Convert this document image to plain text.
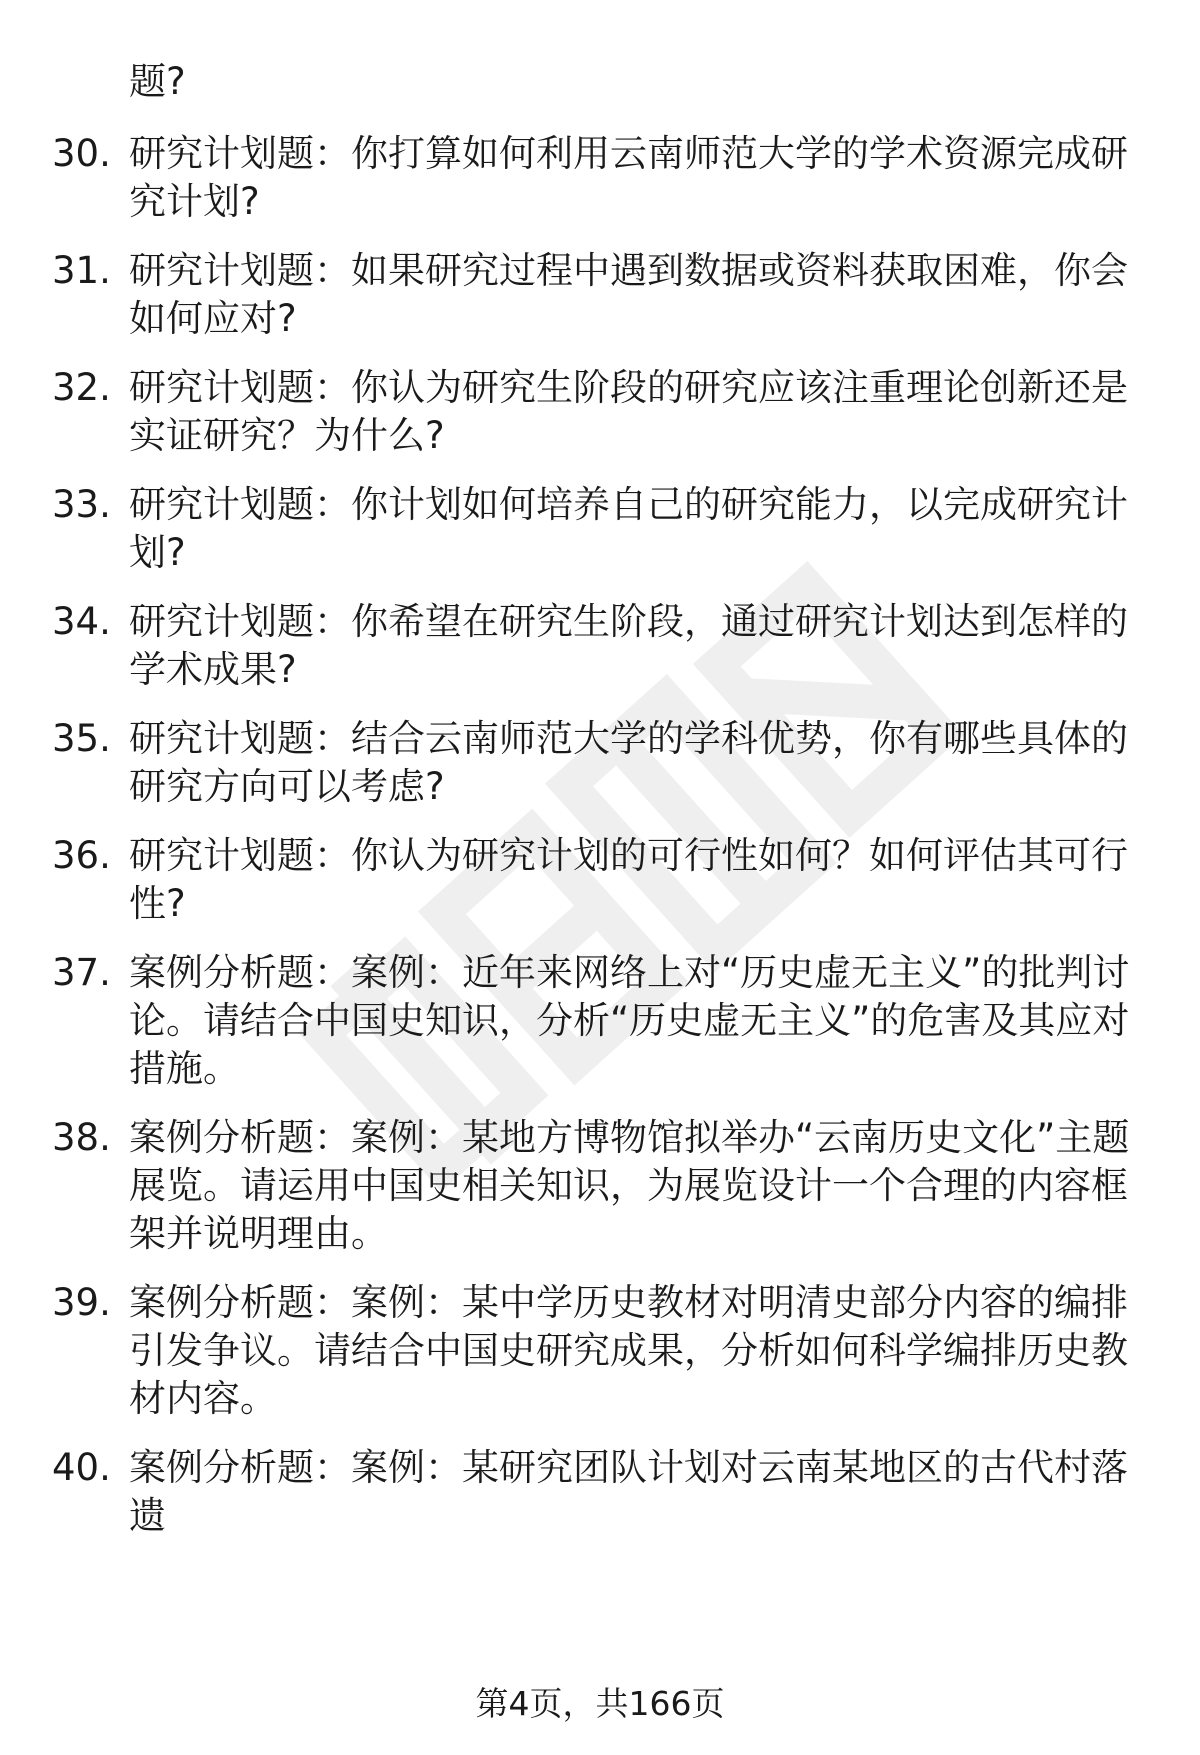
题?
30. 研究计划题：你打算如何利用云南师范大学的学术资源完成研究计划?
31. 研究计划题：如果研究过程中遇到数据或资料获取困难，你会如何应对?
32. 研究计划题：你认为研究生阶段的研究应该注重理论创新还是实证研究？为什么?
33. 研究计划题：你计划如何培养自己的研究能力，以完成研究计划?
34. 研究计划题：你希望在研究生阶段，通过研究计划达到怎样的学术成果?
35. 研究计划题：结合云南师范大学的学科优势，你有哪些具体的研究方向可以考虑?
36. 研究计划题：你认为研究计划的可行性如何？如何评估其可行性?
37. 案例分析题：案例：近年来网络上对“历史虚无主义”的批判讨论。请结合中国史知识，分析“历史虚无主义”的危害及其应对措施。
38. 案例分析题：案例：某地方博物馆拟举办“云南历史文化”主题展览。请运用中国史相关知识，为展览设计一个合理的内容框架并说明理由。
39. 案例分析题：案例：某中学历史教材对明清史部分内容的编排引发争议。请结合中国史研究成果，分析如何科学编排历史教材内容。
40. 案例分析题：案例：某研究团队计划对云南某地区的古代村落遗
第4页，共166页
